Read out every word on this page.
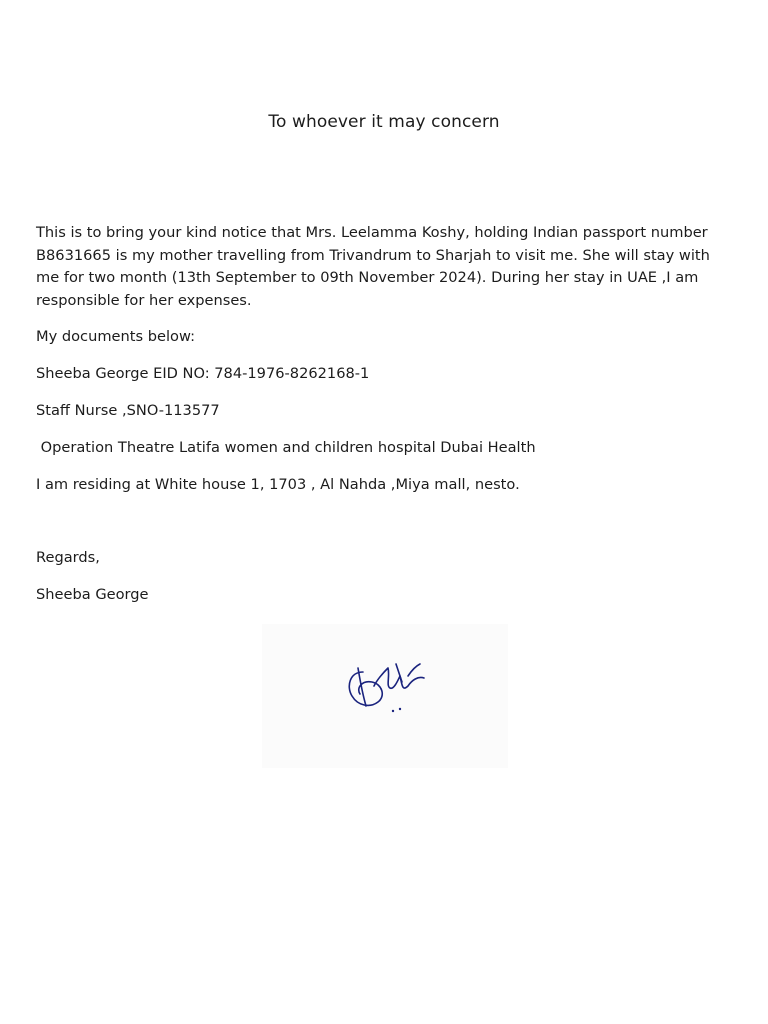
To whoever it may concern

This is to bring your kind notice that Mrs. Leelamma Koshy, holding Indian passport number B8631665 is my mother travelling from Trivandrum to Sharjah to visit me. She will stay with me for two month (13th September to 09th November 2024). During her stay in UAE ,I am responsible for her expenses.

My documents below:
Sheeba George EID NO: 784-1976-8262168-1
Staff Nurse ,SNO-113577
Operation Theatre Latifa women and children hospital Dubai Health
I am residing at White house 1, 1703 , Al Nahda ,Miya mall, nesto.
Regards,
Sheeba George
